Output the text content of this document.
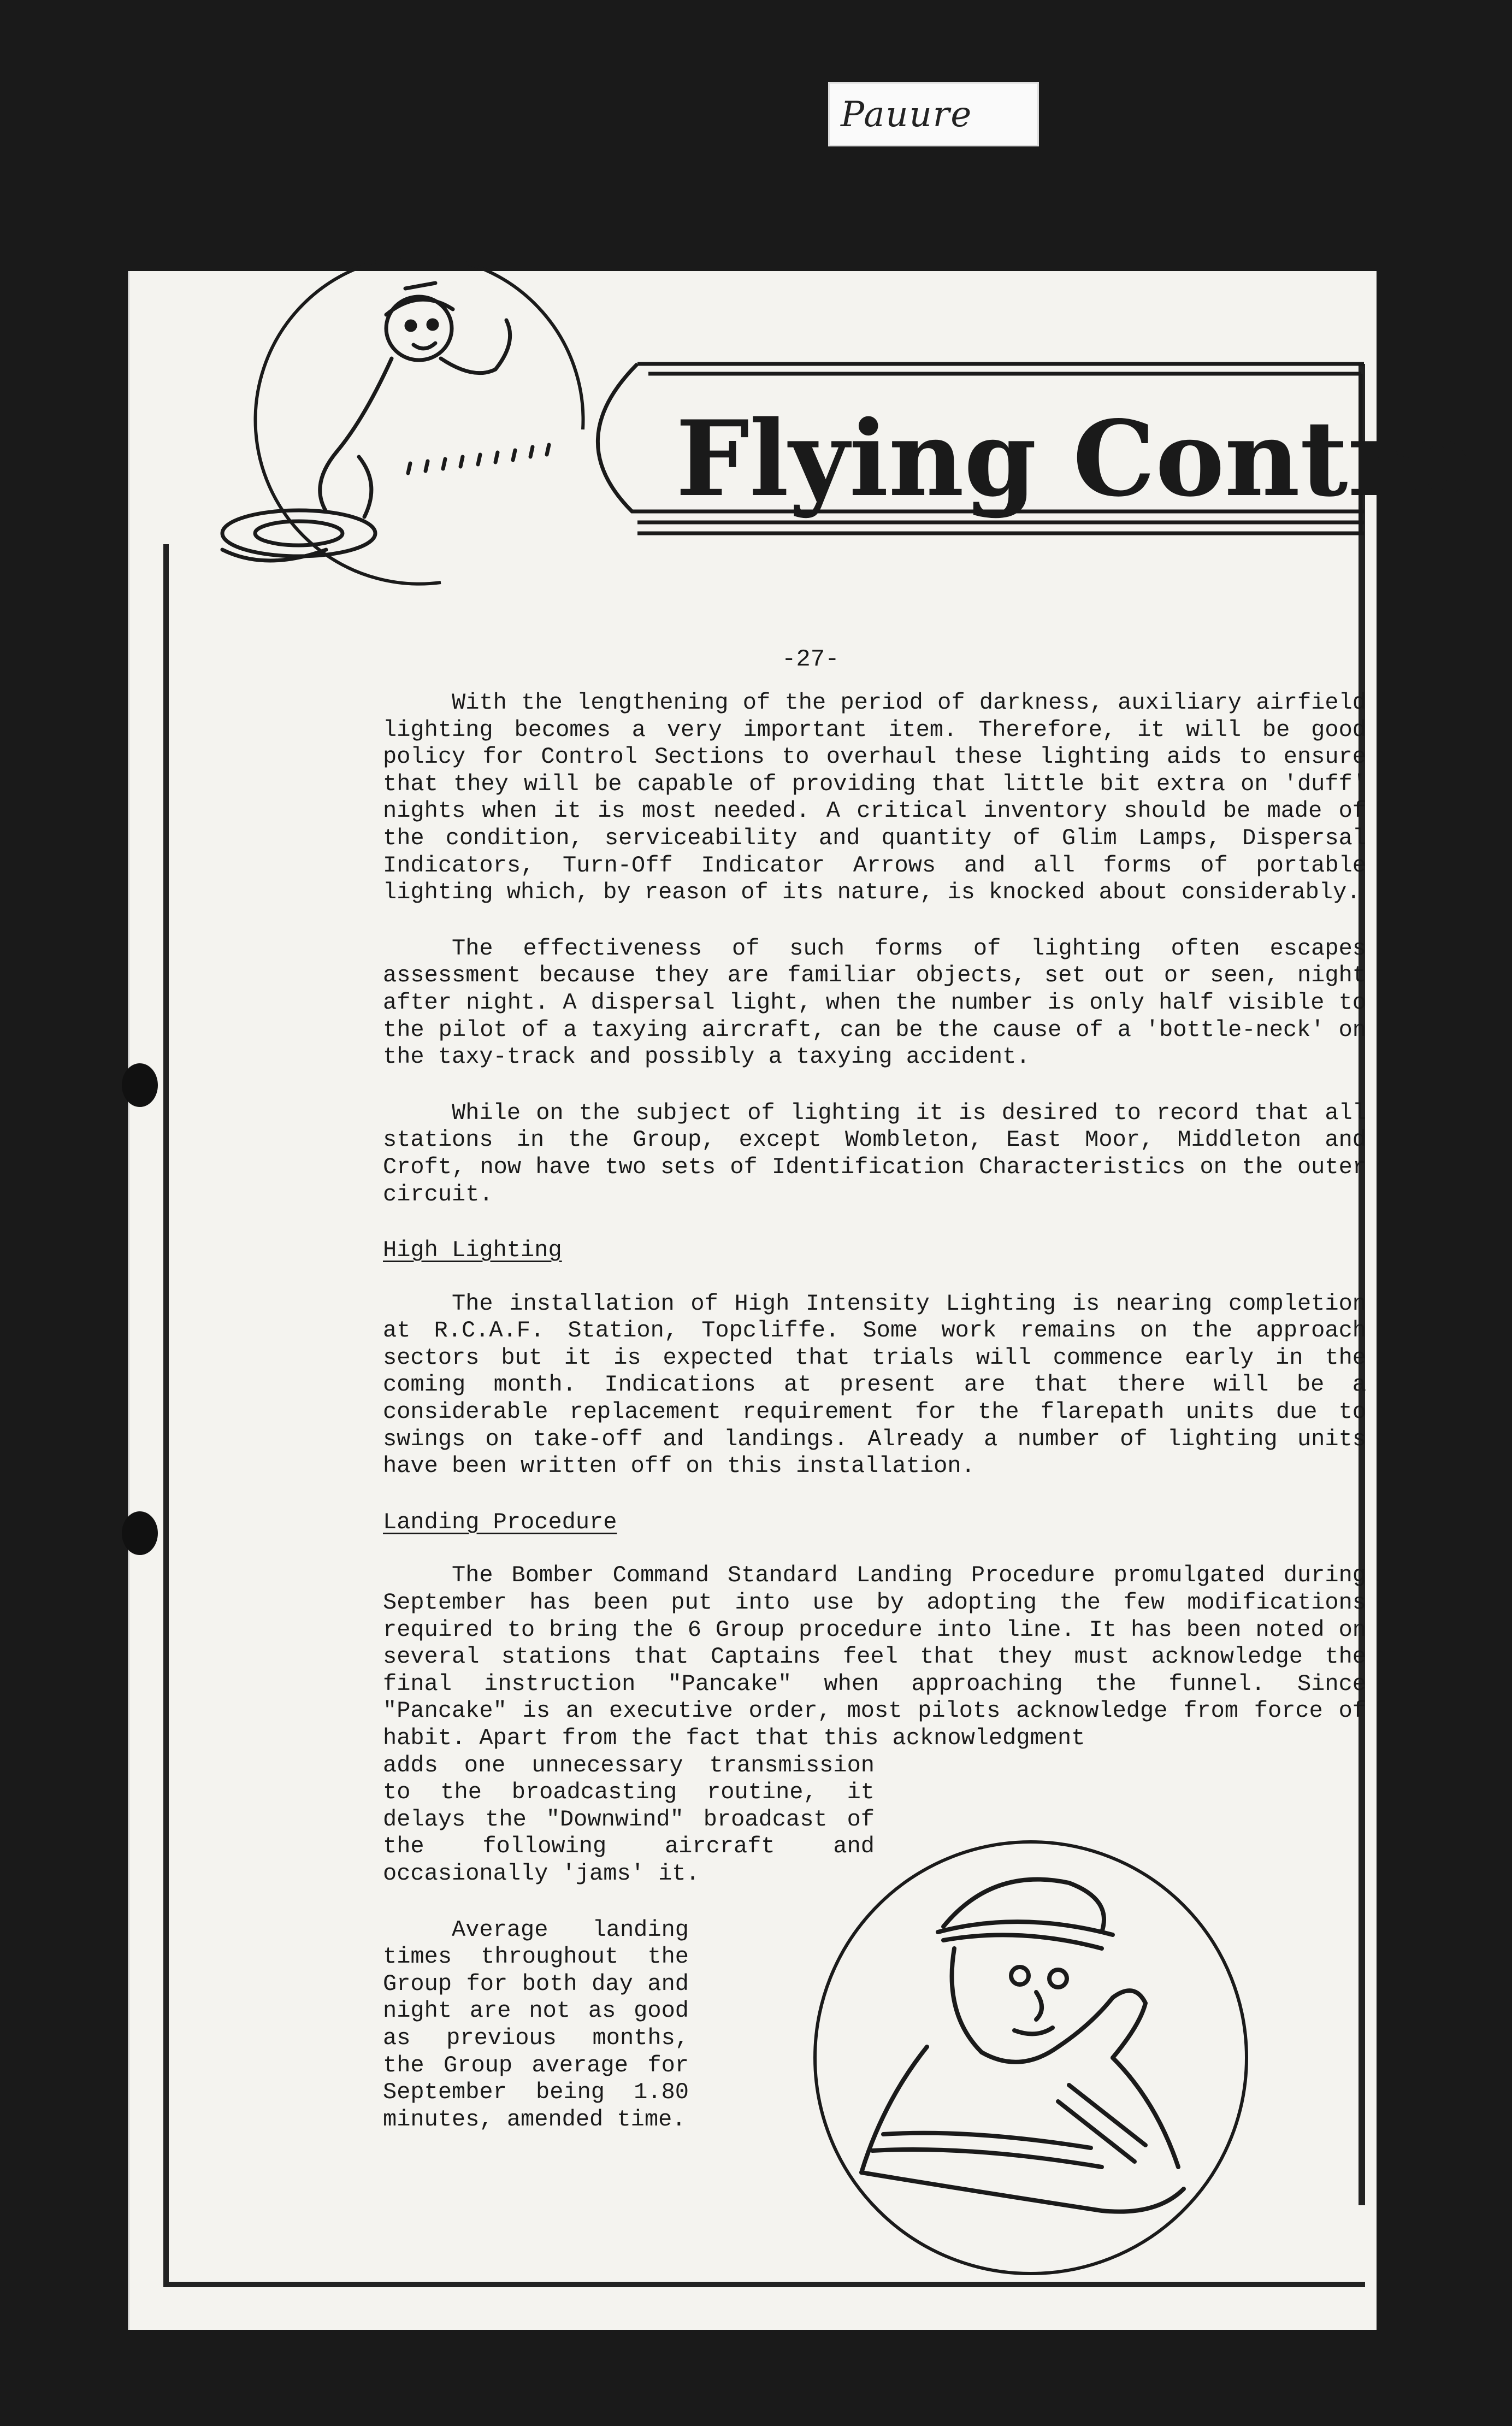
Pauure
Flying Control
-27-

With the lengthening of the period of darkness, auxiliary airfield lighting becomes a very important item. Therefore, it will be good policy for Control Sections to overhaul these lighting aids to ensure that they will be capable of providing that little bit extra on 'duff' nights when it is most needed. A critical inventory should be made of the condition, serviceability and quantity of Glim Lamps, Dispersal Indicators, Turn-Off Indicator Arrows and all forms of portable lighting which, by reason of its nature, is knocked about considerably.

The effectiveness of such forms of lighting often escapes assessment because they are familiar objects, set out or seen, night after night. A dispersal light, when the number is only half visible to the pilot of a taxying aircraft, can be the cause of a 'bottle-neck' on the taxy-track and possibly a taxying accident.

While on the subject of lighting it is desired to record that all stations in the Group, except Wombleton, East Moor, Middleton and Croft, now have two sets of Identification Characteristics on the outer circuit.

High Lighting

The installation of High Intensity Lighting is nearing completion at R.C.A.F. Station, Topcliffe. Some work remains on the approach sectors but it is expected that trials will commence early in the coming month. Indications at present are that there will be a considerable replacement requirement for the flarepath units due to swings on take-off and landings. Already a number of lighting units have been written off on this installation.

Landing Procedure

The Bomber Command Standard Landing Procedure promulgated during September has been put into use by adopting the few modifications required to bring the 6 Group procedure into line. It has been noted on several stations that Captains feel that they must acknowledge the final instruction "Pancake" when approaching the funnel. Since "Pancake" is an executive order, most pilots acknowledge from force of habit. Apart from the fact that this acknowledgment

adds one unnecessary transmission to the broadcasting routine, it delays the "Downwind" broadcast of the following aircraft and occasionally 'jams' it.

Average landing times throughout the Group for both day and night are not as good as previous months, the Group average for September being 1.80 minutes, amended time.
